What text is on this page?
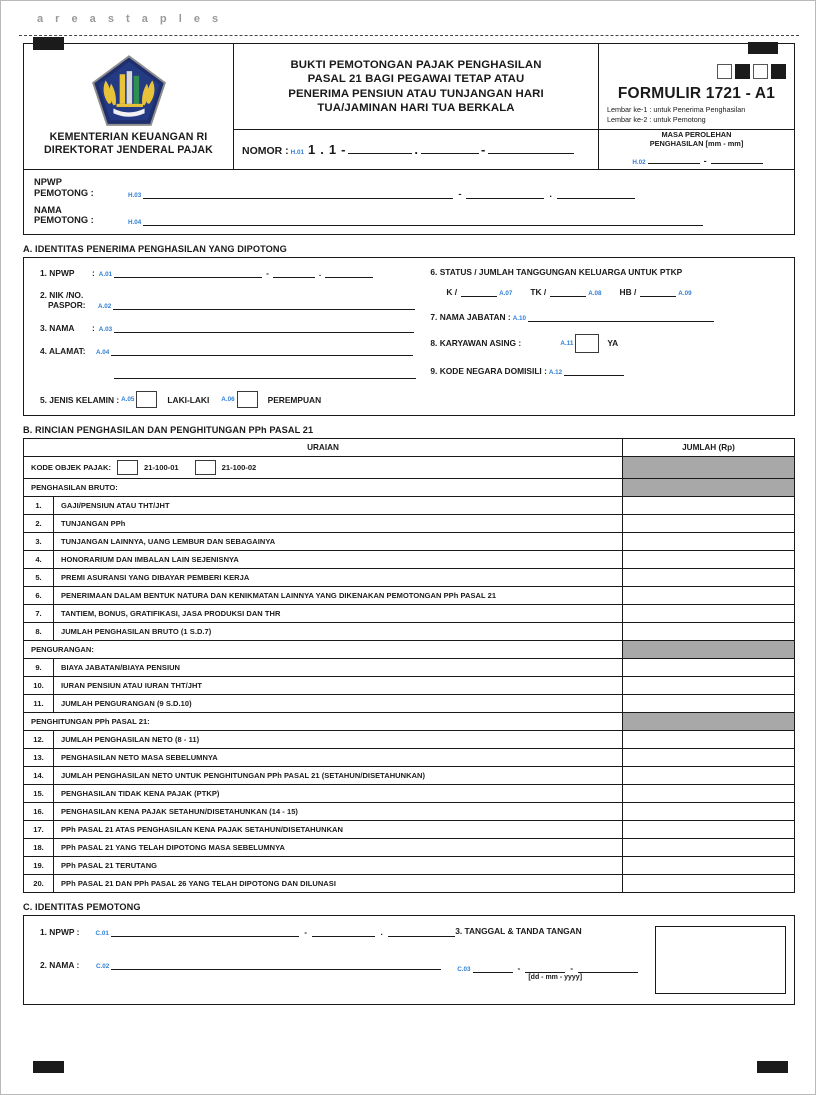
a r e a s t a p l e s
KEMENTERIAN KEUANGAN RI
DIREKTORAT JENDERAL PAJAK

BUKTI PEMOTONGAN PAJAK PENGHASILAN
PASAL 21 BAGI PEGAWAI TETAP ATAU
PENERIMA PENSIUN ATAU TUNJANGAN HARI
TUA/JAMINAN HARI TUA BERKALA

FORMULIR 1721 - A1
Lembar ke-1 : untuk Penerima Penghasilan
Lembar ke-2 : untuk Pemotong

NOMOR : H.01 1 . 1 -	.	-

MASA PEROLEHAN
PENGHASILAN [mm - mm]
H.02	-
NPWP
PEMOTONG :	H.03	-	.
NAMA
PEMOTONG :	H.04
A. IDENTITAS PENERIMA PENGHASILAN YANG DIPOTONG
1. NPWP	: A.01	-	.
2. NIK /NO.
PASPOR:	A.02
3. NAMA	: A.03
4. ALAMAT:	A.04
5. JENIS KELAMIN : A.05	LAKI-LAKI A.06	PEREMPUAN
6. STATUS / JUMLAH TANGGUNGAN KELUARGA UNTUK PTKP
K /	A.07 TK /	A.08 HB /	A.09
7. NAMA JABATAN : A.10
8. KARYAWAN ASING :	A.11	YA
9. KODE NEGARA DOMISILI : A.12
B. RINCIAN PENGHASILAN DAN PENGHITUNGAN PPh PASAL 21
URAIAN		JUMLAH (Rp)

KODE OBJEK PAJAK: 21-100-01 21-100-02		

PENGHASILAN BRUTO:		
1.	GAJI/PENSIUN ATAU THT/JHT	
2.	TUNJANGAN PPh	
3.	TUNJANGAN LAINNYA, UANG LEMBUR DAN SEBAGAINYA	
4.	HONORARIUM DAN IMBALAN LAIN SEJENISNYA	
5.	PREMI ASURANSI YANG DIBAYAR PEMBERI KERJA	
6.	PENERIMAAN DALAM BENTUK NATURA DAN KENIKMATAN LAINNYA YANG DIKENAKAN PEMOTONGAN PPh PASAL 21	
7.	TANTIEM, BONUS, GRATIFIKASI, JASA PRODUKSI DAN THR	
8.	JUMLAH PENGHASILAN BRUTO (1 S.D.7)	
PENGURANGAN:		
9.	BIAYA JABATAN/BIAYA PENSIUN	
10.	IURAN PENSIUN ATAU IURAN THT/JHT	
11.	JUMLAH PENGURANGAN (9 S.D.10)	
PENGHITUNGAN PPh PASAL 21:		
12.	JUMLAH PENGHASILAN NETO (8 - 11)	
13.	PENGHASILAN NETO MASA SEBELUMNYA	
14.	JUMLAH PENGHASILAN NETO UNTUK PENGHITUNGAN PPh PASAL 21 (SETAHUN/DISETAHUNKAN)	
15.	PENGHASILAN TIDAK KENA PAJAK (PTKP)	
16.	PENGHASILAN KENA PAJAK SETAHUN/DISETAHUNKAN (14 - 15)	
17.	PPh PASAL 21 ATAS PENGHASILAN KENA PAJAK SETAHUN/DISETAHUNKAN	
18.	PPh PASAL 21 YANG TELAH DIPOTONG MASA SEBELUMNYA	
19.	PPh PASAL 21 TERUTANG	
20.	PPh PASAL 21 DAN PPh PASAL 26 YANG TELAH DIPOTONG DAN DILUNASI	
C. IDENTITAS PEMOTONG
1. NPWP :	C.01	-	.
2. NAMA :	C.02
3. TANGGAL & TANDA TANGAN
C.03	-	-
[dd - mm - yyyy]
